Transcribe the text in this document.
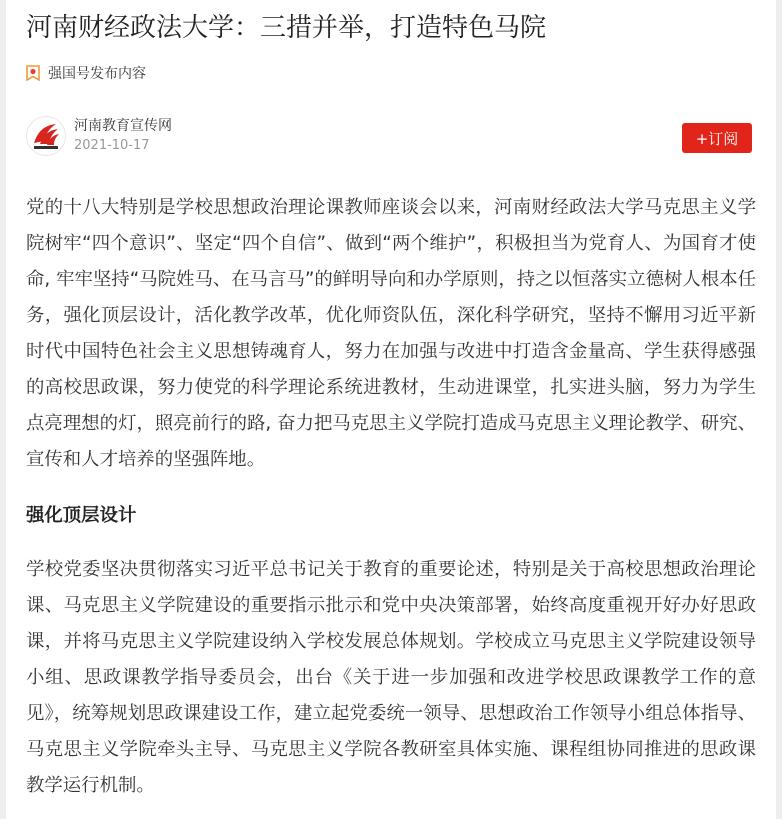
河南财经政法大学：三措并举，打造特色马院
强国号发布内容
河南教育宣传网
2021-10-17	+订阅

党的十八大特别是学校思想政治理论课教师座谈会以来，河南财经政法大学马克思主义学院树牢“四个意识”、坚定“四个自信”、做到“两个维护”，积极担当为党育人、为国育才使命, 牢牢坚持“马院姓马、在马言马”的鲜明导向和办学原则，持之以恒落实立德树人根本任务，强化顶层设计，活化教学改革，优化师资队伍，深化科学研究，坚持不懈用习近平新时代中国特色社会主义思想铸魂育人，努力在加强与改进中打造含金量高、学生获得感强的高校思政课，努力使党的科学理论系统进教材，生动进课堂，扎实进头脑，努力为学生点亮理想的灯，照亮前行的路, 奋力把马克思主义学院打造成马克思主义理论教学、研究、宣传和人才培养的坚强阵地。

强化顶层设计

学校党委坚决贯彻落实习近平总书记关于教育的重要论述，特别是关于高校思想政治理论课、马克思主义学院建设的重要指示批示和党中央决策部署，始终高度重视开好办好思政课，并将马克思主义学院建设纳入学校发展总体规划。学校成立马克思主义学院建设领导小组、思政课教学指导委员会，出台《关于进一步加强和改进学校思政课教学工作的意见》，统筹规划思政课建设工作，建立起党委统一领导、思想政治工作领导小组总体指导、马克思主义学院牵头主导、马克思主义学院各教研室具体实施、课程组协同推进的思政课教学运行机制。
